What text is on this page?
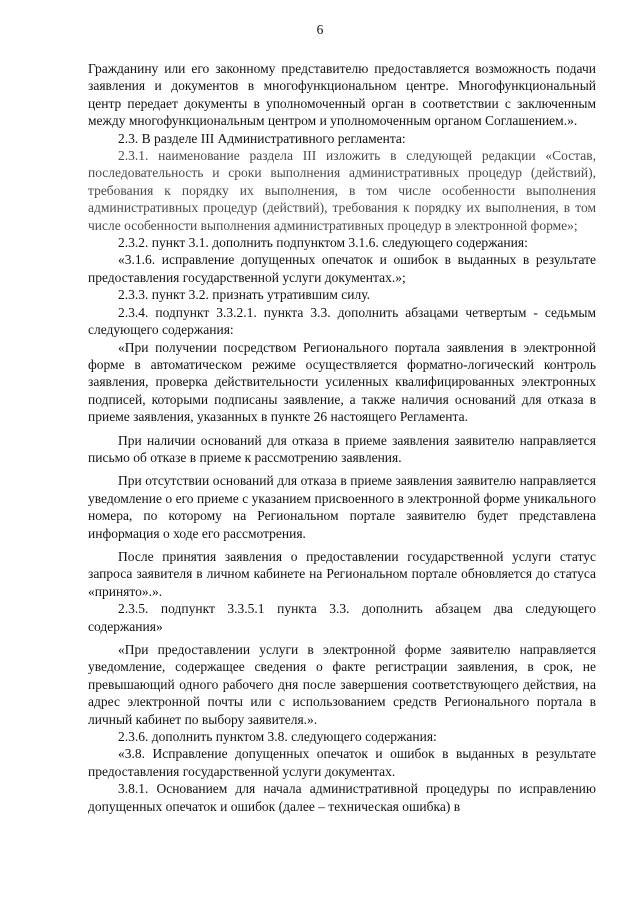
6

Гражданину или его законному представителю предоставляется возможность подачи заявления и документов в многофункциональном центре. Многофункциональный центр передает документы в уполномоченный орган в соответствии с заключенным между многофункциональным центром и уполномоченным органом Соглашением.».

2.3. В разделе III Административного регламента:

2.3.1. наименование раздела III изложить в следующей редакции «Состав, последовательность и сроки выполнения административных процедур (действий), требования к порядку их выполнения, в том числе особенности выполнения административных процедур (действий), требования к порядку их выполнения, в том числе особенности выполнения административных процедур в электронной форме»;

2.3.2. пункт 3.1. дополнить подпунктом 3.1.6. следующего содержания:

«3.1.6. исправление допущенных опечаток и ошибок в выданных в результате предоставления государственной услуги документах.»;

2.3.3. пункт 3.2. признать утратившим силу.

2.3.4. подпункт 3.3.2.1. пункта 3.3. дополнить абзацами четвертым - седьмым следующего содержания:

«При получении посредством Регионального портала заявления в электронной форме в автоматическом режиме осуществляется форматно-логический контроль заявления, проверка действительности усиленных квалифицированных электронных подписей, которыми подписаны заявление, а также наличия оснований для отказа в приеме заявления, указанных в пункте 26 настоящего Регламента.

При наличии оснований для отказа в приеме заявления заявителю направляется письмо об отказе в приеме к рассмотрению заявления.

При отсутствии оснований для отказа в приеме заявления заявителю направляется уведомление о его приеме с указанием присвоенного в электронной форме уникального номера, по которому на Региональном портале заявителю будет представлена информация о ходе его рассмотрения.

После принятия заявления о предоставлении государственной услуги статус запроса заявителя в личном кабинете на Региональном портале обновляется до статуса «принято».».

2.3.5. подпункт 3.3.5.1 пункта 3.3. дополнить абзацем два следующего содержания»

«При предоставлении услуги в электронной форме заявителю направляется уведомление, содержащее сведения о факте регистрации заявления, в срок, не превышающий одного рабочего дня после завершения соответствующего действия, на адрес электронной почты или с использованием средств Регионального портала в личный кабинет по выбору заявителя.».

2.3.6. дополнить пунктом 3.8. следующего содержания:

«3.8. Исправление допущенных опечаток и ошибок в выданных в результате предоставления государственной услуги документах.

3.8.1. Основанием для начала административной процедуры по исправлению допущенных опечаток и ошибок (далее – техническая ошибка) в
